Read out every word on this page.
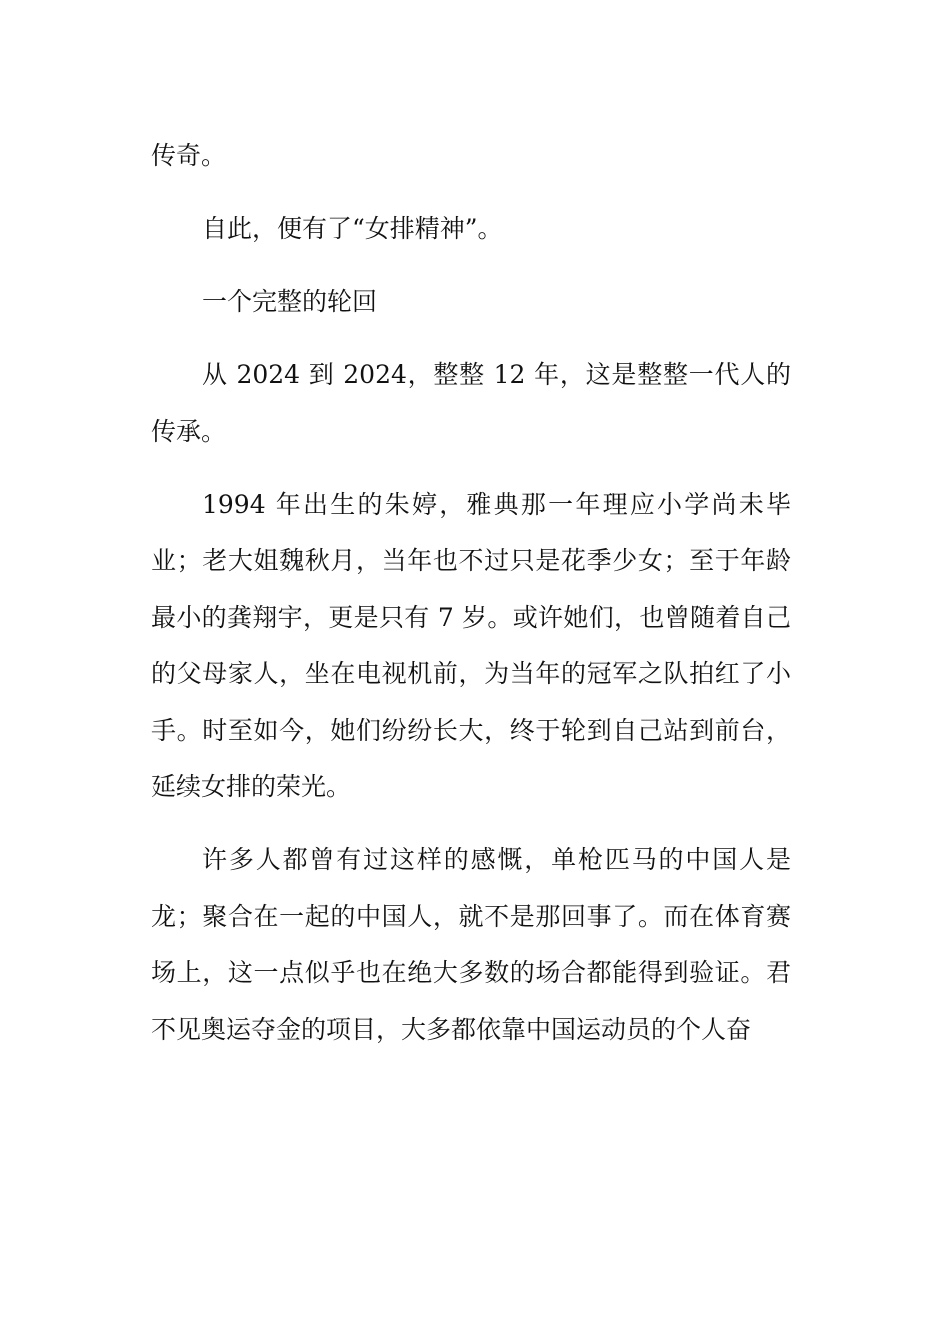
传奇。

自此，便有了“女排精神”。

一个完整的轮回

从 2024 到 2024，整整 12 年，这是整整一代人的传承。

1994 年出生的朱婷，雅典那一年理应小学尚未毕业；老大姐魏秋月，当年也不过只是花季少女；至于年龄最小的龚翔宇，更是只有 7 岁。或许她们，也曾随着自己的父母家人，坐在电视机前，为当年的冠军之队拍红了小手。时至如今，她们纷纷长大，终于轮到自己站到前台，延续女排的荣光。

许多人都曾有过这样的感慨，单枪匹马的中国人是龙；聚合在一起的中国人，就不是那回事了。而在体育赛场上，这一点似乎也在绝大多数的场合都能得到验证。君不见奥运夺金的项目，大多都依靠中国运动员的个人奋
